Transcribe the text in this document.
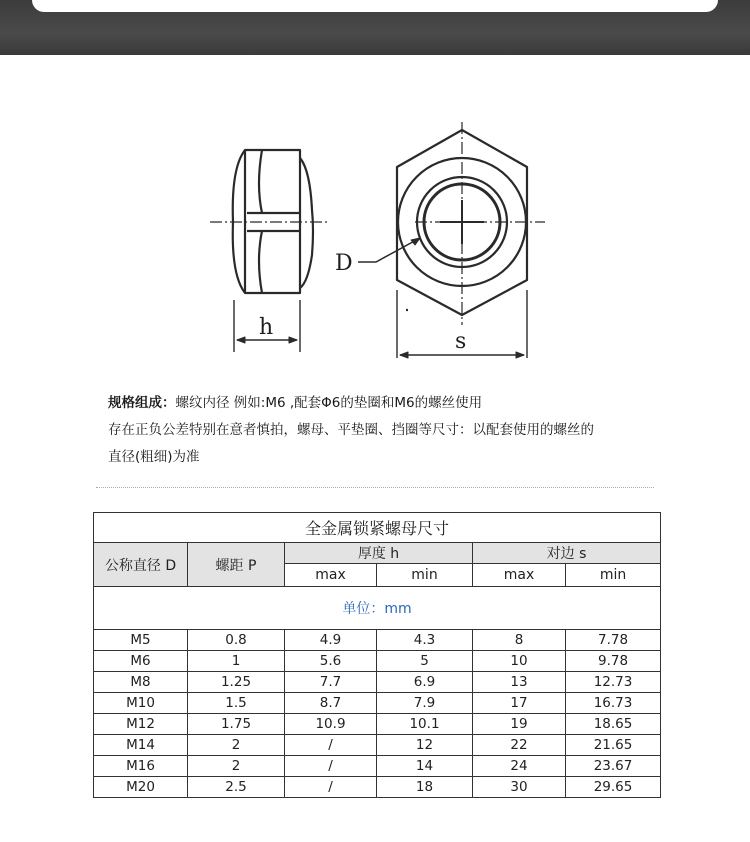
h
s
D
规格组成：螺纹内径 例如:M6 ,配套Φ6的垫圈和M6的螺丝使用
存在正负公差特别在意者慎拍，螺母、平垫圈、挡圈等尺寸：以配套使用的螺丝的
直径(粗细)为准
全金属锁紧螺母尺寸					
公称直径 D	螺距 P	厚度 h		对边 s	
		max	min	max	min
单位：mm					
M5	0.8	4.9	4.3	8	7.78
M6	1	5.6	5	10	9.78
M8	1.25	7.7	6.9	13	12.73
M10	1.5	8.7	7.9	17	16.73
M12	1.75	10.9	10.1	19	18.65
M14	2	/	12	22	21.65
M16	2	/	14	24	23.67
M20	2.5	/	18	30	29.65
